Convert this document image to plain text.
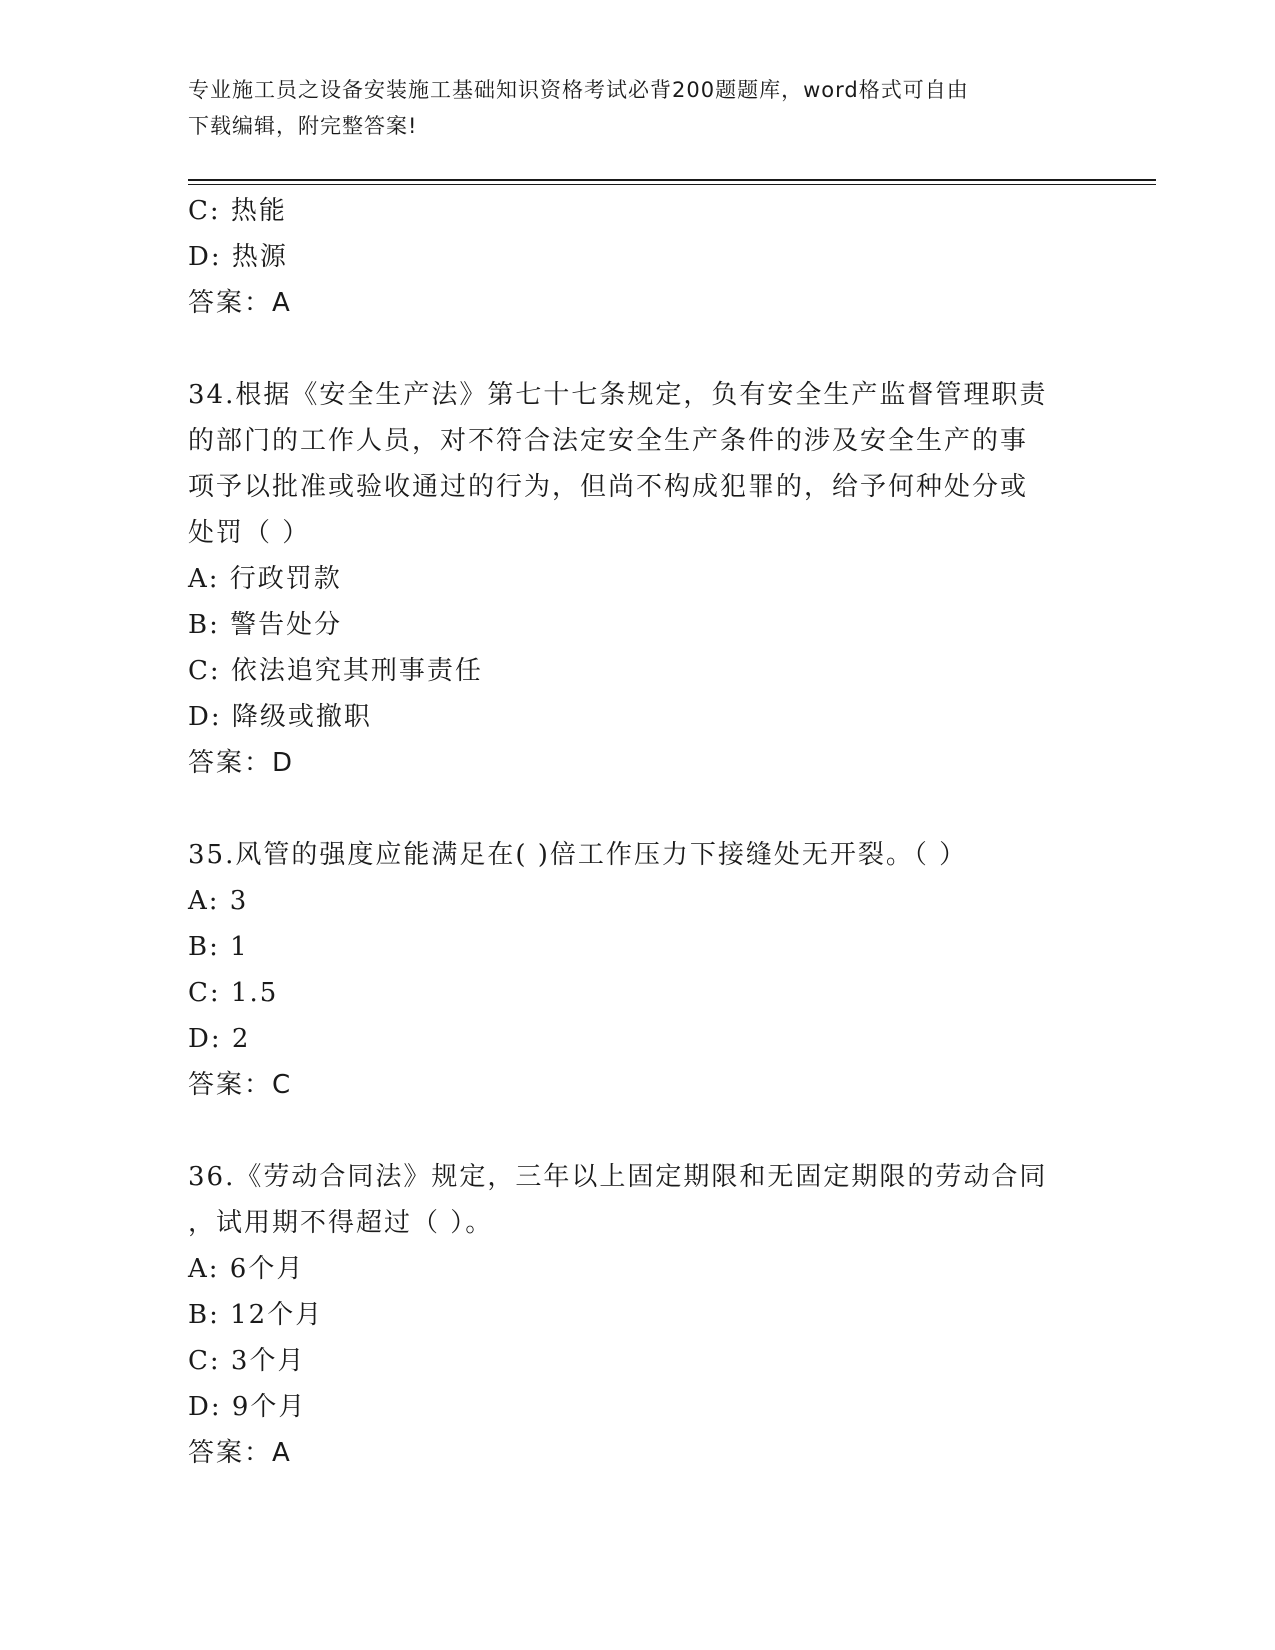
专业施工员之设备安装施工基础知识资格考试必背200题题库，word格式可自由
下载编辑，附完整答案!
C: 热能
D: 热源
答案：A
34.根据《安全生产法》第七十七条规定，负有安全生产监督管理职责
的部门的工作人员，对不符合法定安全生产条件的涉及安全生产的事
项予以批准或验收通过的行为，但尚不构成犯罪的，给予何种处分或
处罚（ ）
A: 行政罚款
B: 警告处分
C: 依法追究其刑事责任
D: 降级或撤职
答案：D
35.风管的强度应能满足在( )倍工作压力下接缝处无开裂。（ ）
A: 3
B: 1
C: 1.5
D: 2
答案：C
36.《劳动合同法》规定，三年以上固定期限和无固定期限的劳动合同
，试用期不得超过（ ）。
A: 6个月
B: 12个月
C: 3个月
D: 9个月
答案：A
